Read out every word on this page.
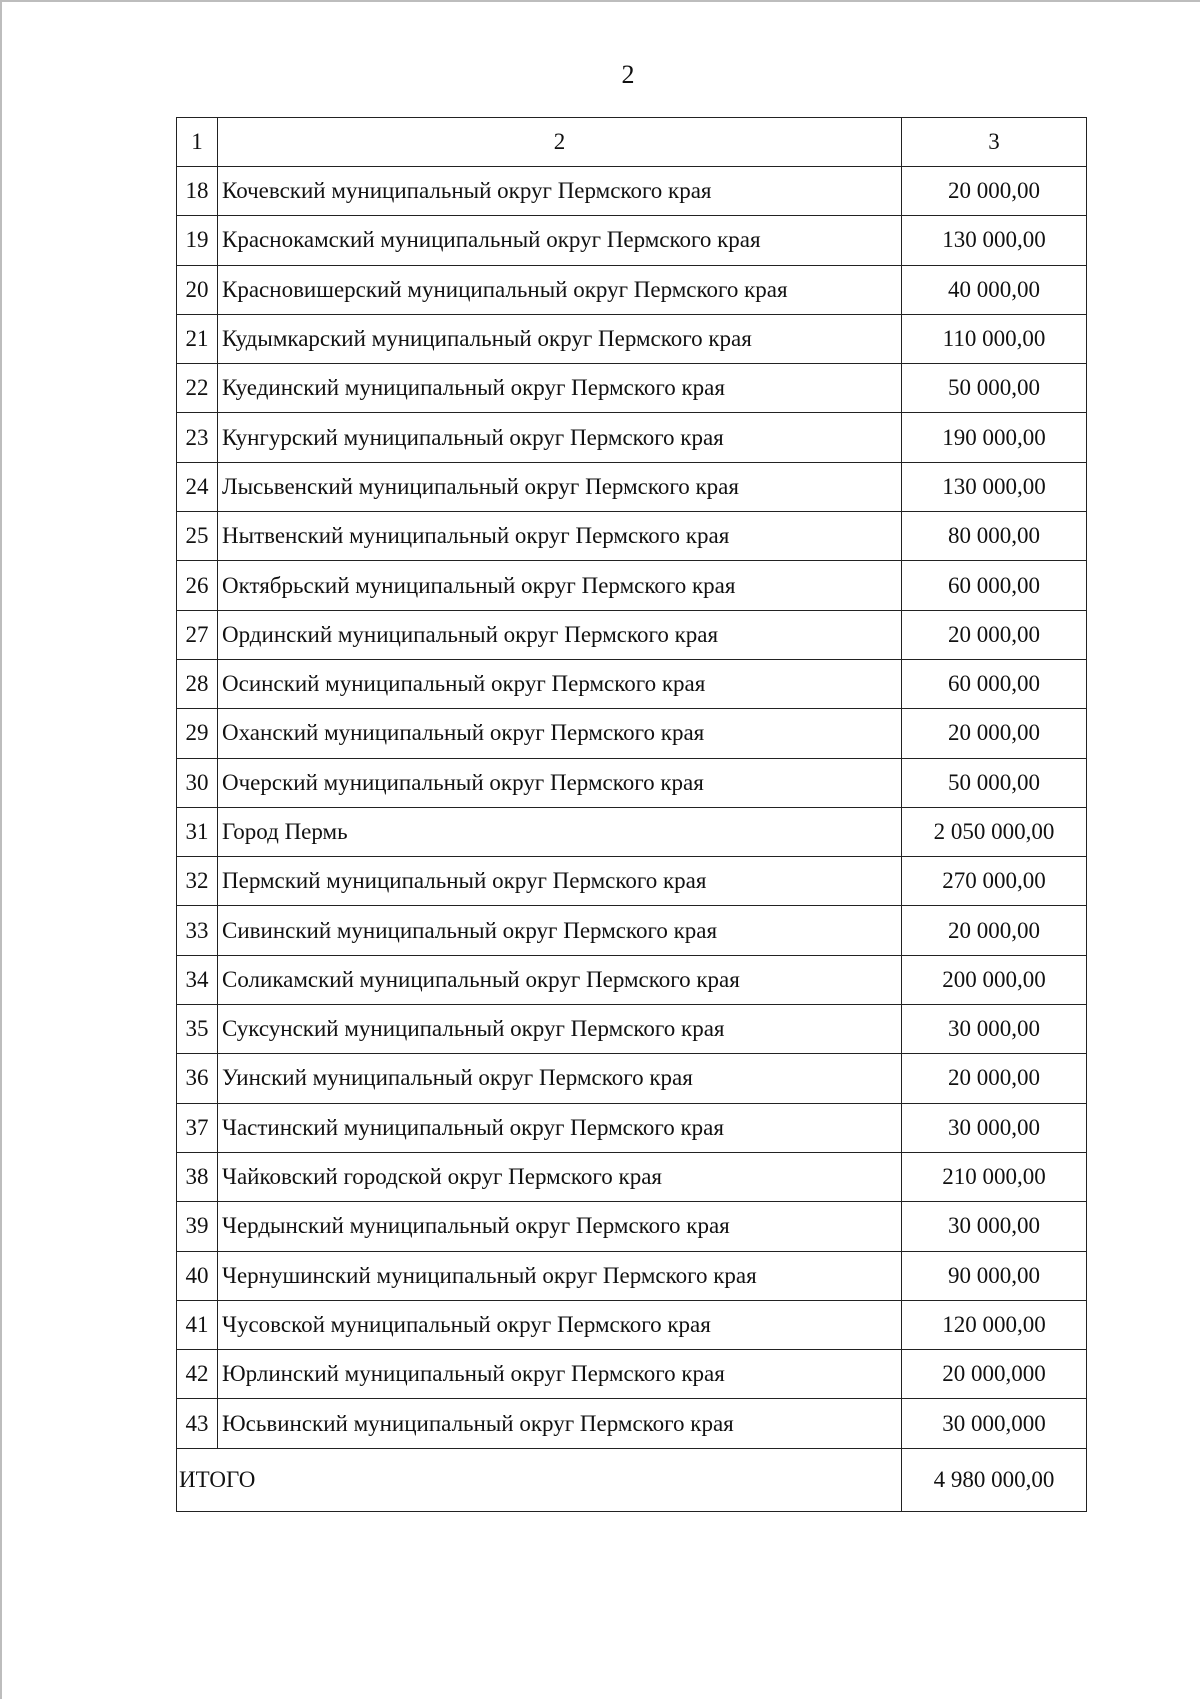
2
1	2	3
18	Кочевский муниципальный округ Пермского края	20 000,00
19	Краснокамский муниципальный округ Пермского края	130 000,00
20	Красновишерский муниципальный округ Пермского края	40 000,00
21	Кудымкарский муниципальный округ Пермского края	110 000,00
22	Куединский муниципальный округ Пермского края	50 000,00
23	Кунгурский муниципальный округ Пермского края	190 000,00
24	Лысьвенский муниципальный округ Пермского края	130 000,00
25	Нытвенский муниципальный округ Пермского края	80 000,00
26	Октябрьский муниципальный округ Пермского края	60 000,00
27	Ординский муниципальный округ Пермского края	20 000,00
28	Осинский муниципальный округ Пермского края	60 000,00
29	Оханский муниципальный округ Пермского края	20 000,00
30	Очерский муниципальный округ Пермского края	50 000,00
31	Город Пермь	2 050 000,00
32	Пермский муниципальный округ Пермского края	270 000,00
33	Сивинский муниципальный округ Пермского края	20 000,00
34	Соликамский муниципальный округ Пермского края	200 000,00
35	Суксунский муниципальный округ Пермского края	30 000,00
36	Уинский муниципальный округ Пермского края	20 000,00
37	Частинский муниципальный округ Пермского края	30 000,00
38	Чайковский городской округ Пермского края	210 000,00
39	Чердынский муниципальный округ Пермского края	30 000,00
40	Чернушинский муниципальный округ Пермского края	90 000,00
41	Чусовской муниципальный округ Пермского края	120 000,00
42	Юрлинский муниципальный округ Пермского края	20 000,000
43	Юсьвинский муниципальный округ Пермского края	30 000,000
ИТОГО		4 980 000,00
